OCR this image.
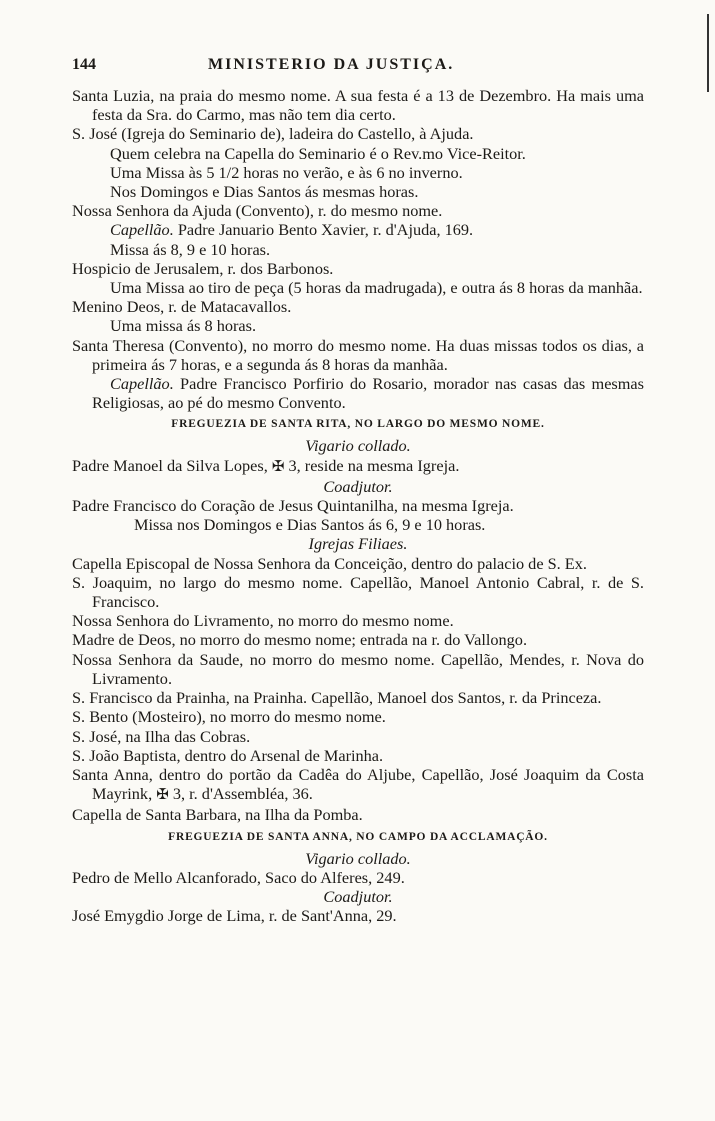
144	MINISTERIO DA JUSTIÇA.

Santa Luzia, na praia do mesmo nome. A sua festa é a 13 de Dezembro. Ha mais uma festa da Sra. do Carmo, mas não tem dia certo.

S. José (Igreja do Seminario de), ladeira do Castello, à Ajuda.

Quem celebra na Capella do Seminario é o Rev.mo Vice-Reitor.

Uma Missa às 5 1/2 horas no verão, e às 6 no inverno.

Nos Domingos e Dias Santos ás mesmas horas.

Nossa Senhora da Ajuda (Convento), r. do mesmo nome.

Capellão. Padre Januario Bento Xavier, r. d'Ajuda, 169.

Missa ás 8, 9 e 10 horas.

Hospicio de Jerusalem, r. dos Barbonos.

Uma Missa ao tiro de peça (5 horas da madrugada), e outra ás 8 horas da manhãa.

Menino Deos, r. de Matacavallos.

Uma missa ás 8 horas.

Santa Theresa (Convento), no morro do mesmo nome. Ha duas missas todos os dias, a primeira ás 7 horas, e a segunda ás 8 horas da manhãa.

Capellão. Padre Francisco Porfirio do Rosario, morador nas casas das mesmas Religiosas, ao pé do mesmo Convento.

FREGUEZIA DE SANTA RITA, NO LARGO DO MESMO NOME.

Vigario collado.

Padre Manoel da Silva Lopes, ✠ 3, reside na mesma Igreja.

Coadjutor.

Padre Francisco do Coração de Jesus Quintanilha, na mesma Igreja.

Missa nos Domingos e Dias Santos ás 6, 9 e 10 horas.

Igrejas Filiaes.

Capella Episcopal de Nossa Senhora da Conceição, dentro do palacio de S. Ex.

S. Joaquim, no largo do mesmo nome. Capellão, Manoel Antonio Cabral, r. de S. Francisco.

Nossa Senhora do Livramento, no morro do mesmo nome.

Madre de Deos, no morro do mesmo nome; entrada na r. do Vallongo.

Nossa Senhora da Saude, no morro do mesmo nome. Capellão, Mendes, r. Nova do Livramento.

S. Francisco da Prainha, na Prainha. Capellão, Manoel dos Santos, r. da Princeza.

S. Bento (Mosteiro), no morro do mesmo nome.

S. José, na Ilha das Cobras.

S. João Baptista, dentro do Arsenal de Marinha.

Santa Anna, dentro do portão da Cadêa do Aljube, Capellão, José Joaquim da Costa Mayrink, ✠ 3, r. d'Assembléa, 36.

Capella de Santa Barbara, na Ilha da Pomba.

FREGUEZIA DE SANTA ANNA, NO CAMPO DA ACCLAMAÇÃO.

Vigario collado.

Pedro de Mello Alcanforado, Saco do Alferes, 249.

Coadjutor.

José Emygdio Jorge de Lima, r. de Sant'Anna, 29.
